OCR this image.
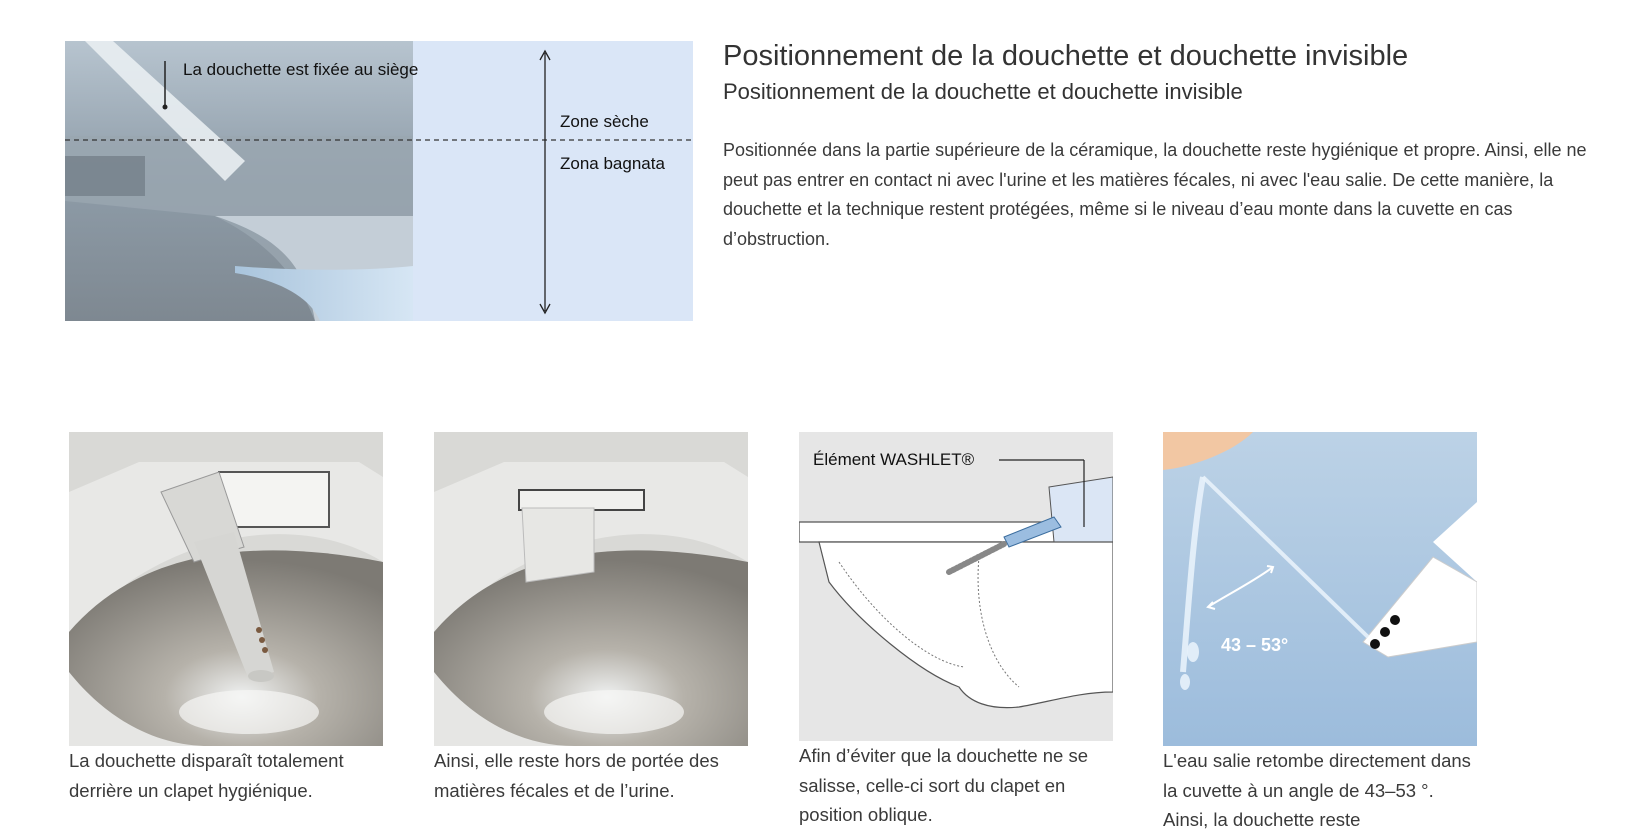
La douchette est fixée au siège
Zone sèche
Zona bagnata
Positionnement de la douchette et douchette invisible
Positionnement de la douchette et douchette invisible

Positionnée dans la partie supérieure de la céramique, la douchette reste hygiénique et propre. Ainsi, elle ne peut pas entrer en contact ni avec l'urine et les matières fécales, ni avec l'eau salie. De cette manière, la douchette et la technique restent protégées, même si le niveau d’eau monte dans la cuvette en cas d’obstruction.

La douchette disparaît totalement derrière un clapet hygiénique.

Ainsi, elle reste hors de portée des matières fécales et de l’urine.

Élément WASHLET®

Afin d’éviter que la douchette ne se salisse, celle-ci sort du clapet en position oblique.

43 – 53°

L'eau salie retombe directement dans la cuvette à un angle de 43–53 °. Ainsi, la douchette reste
